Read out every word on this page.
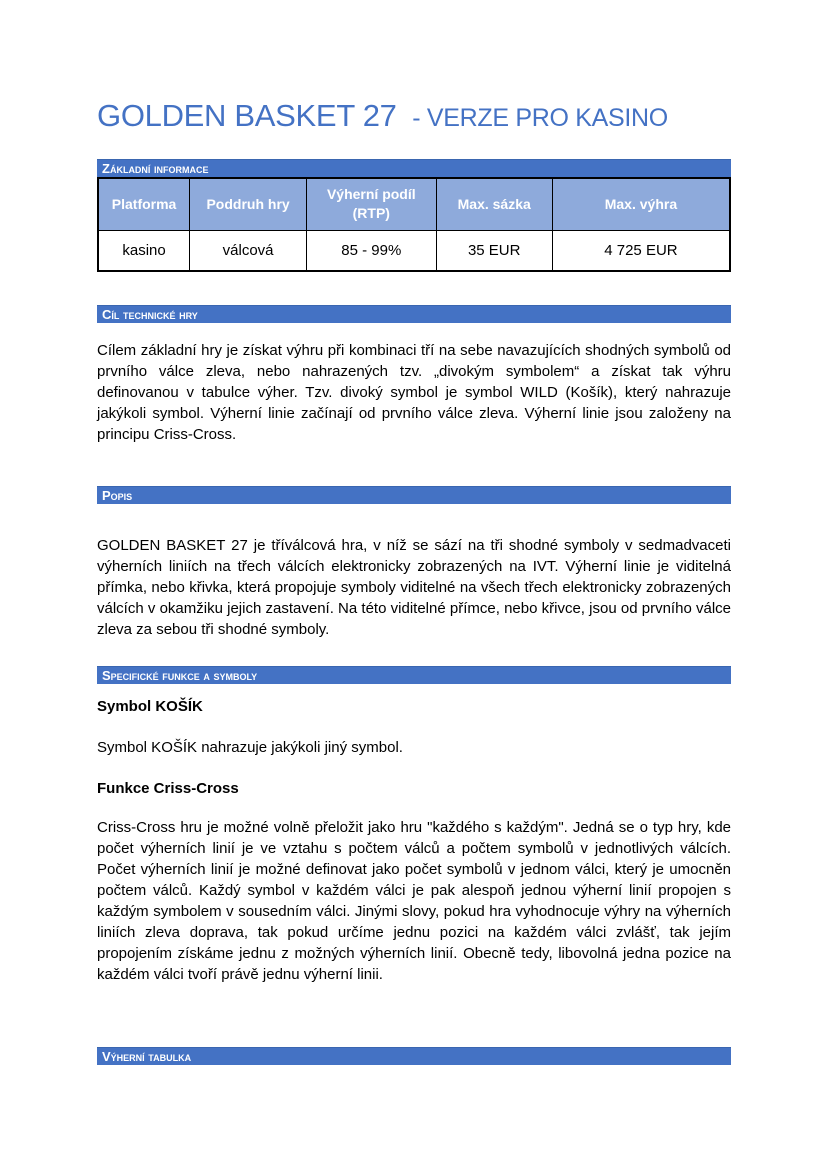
GOLDEN BASKET 27 - VERZE PRO KASINO
Základní informace
Platforma	Poddruh hry	Výherní podíl (RTP)	Max. sázka	Max. výhra
kasino	válcová	85 - 99%	35 EUR	4 725 EUR
Cíl technické hry

Cílem základní hry je získat výhru při kombinaci tří na sebe navazujících shodných symbolů od prvního válce zleva, nebo nahrazených tzv. „divokým symbolem“ a získat tak výhru definovanou v tabulce výher. Tzv. divoký symbol je symbol WILD (Košík), který nahrazuje jakýkoli symbol. Výherní linie začínají od prvního válce zleva. Výherní linie jsou založeny na principu Criss-Cross.

Popis

GOLDEN BASKET 27 je tříválcová hra, v níž se sází na tři shodné symboly v sedmadvaceti výherních liniích na třech válcích elektronicky zobrazených na IVT. Výherní linie je viditelná přímka, nebo křivka, která propojuje symboly viditelné na všech třech elektronicky zobrazených válcích v okamžiku jejich zastavení. Na této viditelné přímce, nebo křivce, jsou od prvního válce zleva za sebou tři shodné symboly.

Specifické funkce a symboly

Symbol KOŠÍK

Symbol KOŠÍK nahrazuje jakýkoli jiný symbol.

Funkce Criss-Cross

Criss-Cross hru je možné volně přeložit jako hru "každého s každým". Jedná se o typ hry, kde počet výherních linií je ve vztahu s počtem válců a počtem symbolů v jednotlivých válcích. Počet výherních linií je možné definovat jako počet symbolů v jednom válci, který je umocněn počtem válců. Každý symbol v každém válci je pak alespoň jednou výherní linií propojen s každým symbolem v sousedním válci. Jinými slovy, pokud hra vyhodnocuje výhry na výherních liniích zleva doprava, tak pokud určíme jednu pozici na každém válci zvlášť, tak jejím propojením získáme jednu z možných výherních linií. Obecně tedy, libovolná jedna pozice na každém válci tvoří právě jednu výherní linii.

Výherní tabulka
